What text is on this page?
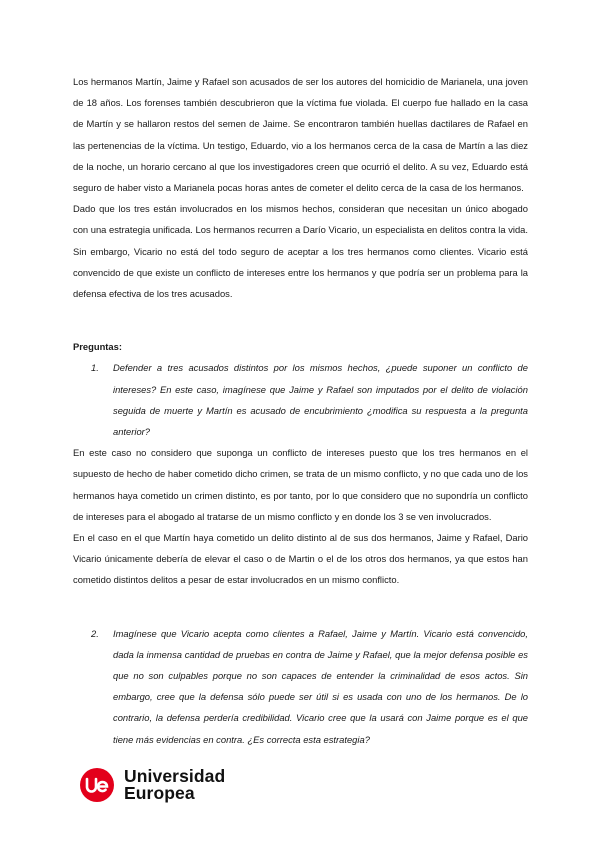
Los hermanos Martín, Jaime y Rafael son acusados de ser los autores del homicidio de Marianela, una joven de 18 años. Los forenses también descubrieron que la víctima fue violada. El cuerpo fue hallado en la casa de Martín y se hallaron restos del semen de Jaime. Se encontraron también huellas dactilares de Rafael en las pertenencias de la víctima. Un testigo, Eduardo, vio a los hermanos cerca de la casa de Martín a las diez de la noche, un horario cercano al que los investigadores creen que ocurrió el delito. A su vez, Eduardo está seguro de haber visto a Marianela pocas horas antes de cometer el delito cerca de la casa de los hermanos.

Dado que los tres están involucrados en los mismos hechos, consideran que necesitan un único abogado con una estrategia unificada. Los hermanos recurren a Darío Vicario, un especialista en delitos contra la vida. Sin embargo, Vicario no está del todo seguro de aceptar a los tres hermanos como clientes. Vicario está convencido de que existe un conflicto de intereses entre los hermanos y que podría ser un problema para la defensa efectiva de los tres acusados.

Preguntas:

1.	Defender a tres acusados distintos por los mismos hechos, ¿puede suponer un conflicto de intereses? En este caso, imagínese que Jaime y Rafael son imputados por el delito de violación seguida de muerte y Martín es acusado de encubrimiento ¿modifica su respuesta a la pregunta anterior?

En este caso no considero que suponga un conflicto de intereses puesto que los tres hermanos en el supuesto de hecho de haber cometido dicho crimen, se trata de un mismo conflicto, y no que cada uno de los hermanos haya cometido un crimen distinto, es por tanto, por lo que considero que no supondría un conflicto de intereses para el abogado al tratarse de un mismo conflicto y en donde los 3 se ven involucrados.

En el caso en el que Martín haya cometido un delito distinto al de sus dos hermanos, Jaime y Rafael, Dario Vicario únicamente debería de elevar el caso o de Martin o el de los otros dos hermanos, ya que estos han cometido distintos delitos a pesar de estar involucrados en un mismo conflicto.

2.	Imagínese que Vicario acepta como clientes a Rafael, Jaime y Martín. Vicario está convencido, dada la inmensa cantidad de pruebas en contra de Jaime y Rafael, que la mejor defensa posible es que no son culpables porque no son capaces de entender la criminalidad de esos actos. Sin embargo, cree que la defensa sólo puede ser útil si es usada con uno de los hermanos. De lo contrario, la defensa perdería credibilidad. Vicario cree que la usará con Jaime porque es el que tiene más evidencias en contra. ¿Es correcta esta estrategia?
Universidad
Europea
